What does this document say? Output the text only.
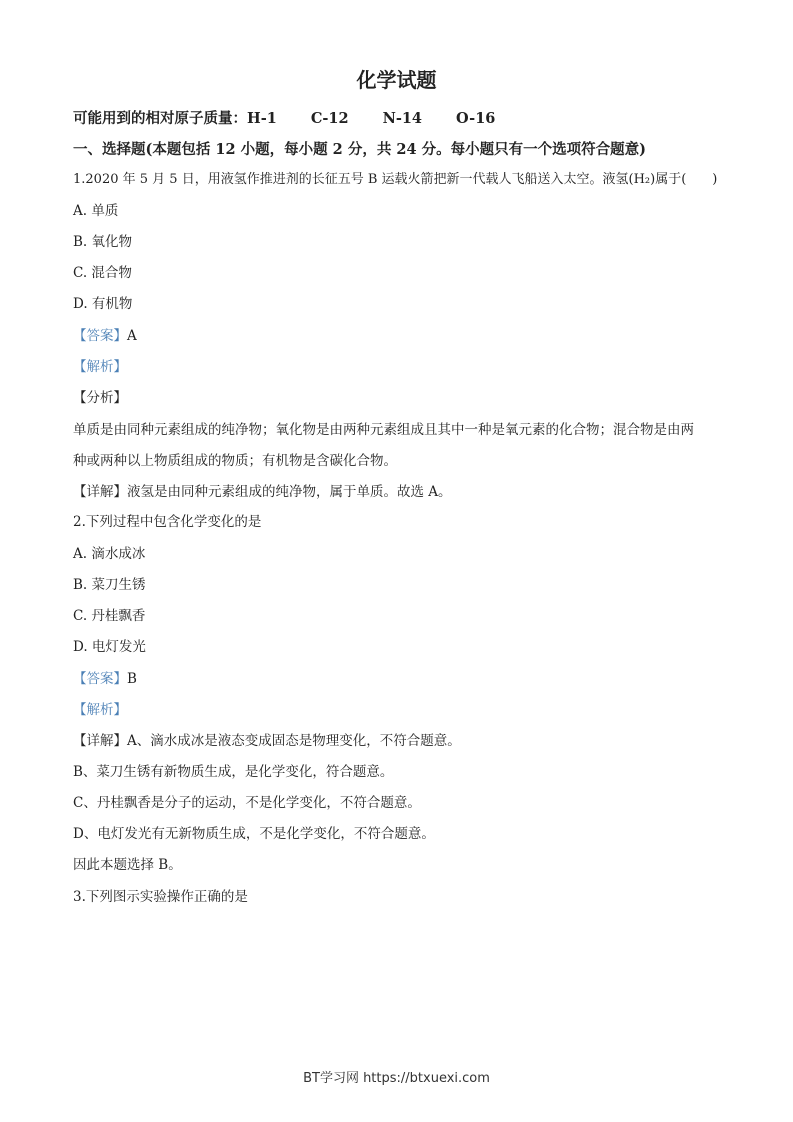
化学试题
可能用到的相对原子质量：H-1 C-12 N-14 O-16
一、选择题(本题包括 12 小题，每小题 2 分，共 24 分。每小题只有一个选项符合题意)
1.2020 年 5 月 5 日，用液氢作推进剂的长征五号 B 运载火箭把新一代载人飞船送入太空。液氢(H₂)属于(　　)
A. 单质
B. 氧化物
C. 混合物
D. 有机物
【答案】A
【解析】
【分析】
单质是由同种元素组成的纯净物；氧化物是由两种元素组成且其中一种是氧元素的化合物；混合物是由两
种或两种以上物质组成的物质；有机物是含碳化合物。
【详解】液氢是由同种元素组成的纯净物，属于单质。故选 A。
2.下列过程中包含化学变化的是
A. 滴水成冰
B. 菜刀生锈
C. 丹桂飘香
D. 电灯发光
【答案】B
【解析】
【详解】A、滴水成冰是液态变成固态是物理变化，不符合题意。
B、菜刀生锈有新物质生成，是化学变化，符合题意。
C、丹桂飘香是分子的运动，不是化学变化，不符合题意。
D、电灯发光有无新物质生成，不是化学变化，不符合题意。
因此本题选择 B。
3.下列图示实验操作正确的是
BT学习网 https://btxuexi.com
